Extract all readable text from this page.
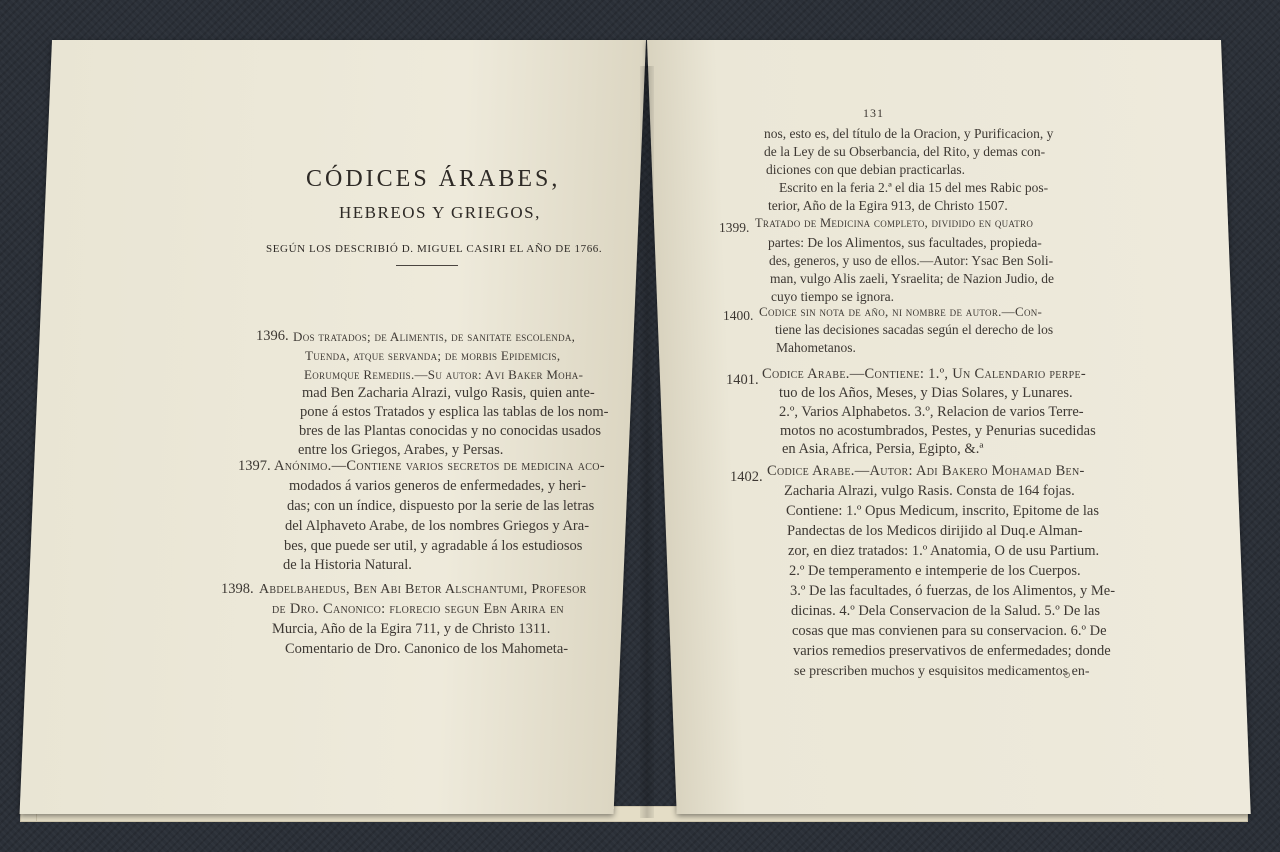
CÓDICES ÁRABES,
HEBREOS Y GRIEGOS,
SEGÚN LOS DESCRIBIÓ D. MIGUEL CASIRI EL AÑO DE 1766.
1396. Dos tratados; de Alimentis, de sanitate escolenda,
Tuenda, atque servanda; de morbis Epidemicis,
Eorumque Remediis.—Su autor: Avi Baker Moha-
mad Ben Zacharia Alrazi, vulgo Rasis, quien ante-
pone á estos Tratados y esplica las tablas de los nom-
bres de las Plantas conocidas y no conocidas usados
entre los Griegos, Arabes, y Persas.
1397. Anónimo.—Contiene varios secretos de medicina aco-
modados á varios generos de enfermedades, y heri-
das; con un índice, dispuesto por la serie de las letras
del Alphaveto Arabe, de los nombres Griegos y Ara-
bes, que puede ser util, y agradable á los estudiosos
de la Historia Natural.
1398. Abdelbahedus, Ben Abi Betor Alschantumi, Profesor
de Dro. Canonico: florecio segun Ebn Arira en
Murcia, Año de la Egira 711, y de Christo 1311.
Comentario de Dro. Canonico de los Mahometa-
131
nos, esto es, del título de la Oracion, y Purificacion, y
de la Ley de su Obserbancia, del Rito, y demas con-
diciones con que debian practicarlas.
Escrito en la feria 2.ª el dia 15 del mes Rabic pos-
terior, Año de la Egira 913, de Christo 1507.
1399. Tratado de Medicina completo, dividido en quatro
partes: De los Alimentos, sus facultades, propieda-
des, generos, y uso de ellos.—Autor: Ysac Ben Soli-
man, vulgo Alis zaeli, Ysraelita; de Nazion Judio, de
cuyo tiempo se ignora.
1400. Codice sin nota de año, ni nombre de autor.—Con-
tiene las decisiones sacadas según el derecho de los
Mahometanos.
1401. Codice Arabe.—Contiene: 1.º, Un Calendario perpe-
tuo de los Años, Meses, y Dias Solares, y Lunares.
2.º, Varios Alphabetos. 3.º, Relacion de varios Terre-
motos no acostumbrados, Pestes, y Penurias sucedidas
en Asia, Africa, Persia, Egipto, &.ª
1402. Codice Arabe.—Autor: Adi Bakero Mohamad Ben-
Zacharia Alrazi, vulgo Rasis. Consta de 164 fojas.
Contiene: 1.º Opus Medicum, inscrito, Epitome de las
Pandectas de los Medicos dirijido al Duq.e Alman-
zor, en diez tratados: 1.º Anatomia, O de usu Partium.
2.º De temperamento e intemperie de los Cuerpos.
3.º De las facultades, ó fuerzas, de los Alimentos, y Me-
dicinas. 4.º Dela Conservacion de la Salud. 5.º De las
cosas que mas convienen para su conservacion. 6.º De
varios remedios preservativos de enfermedades; donde
se prescriben muchos y esquisitos medicamentos en-
